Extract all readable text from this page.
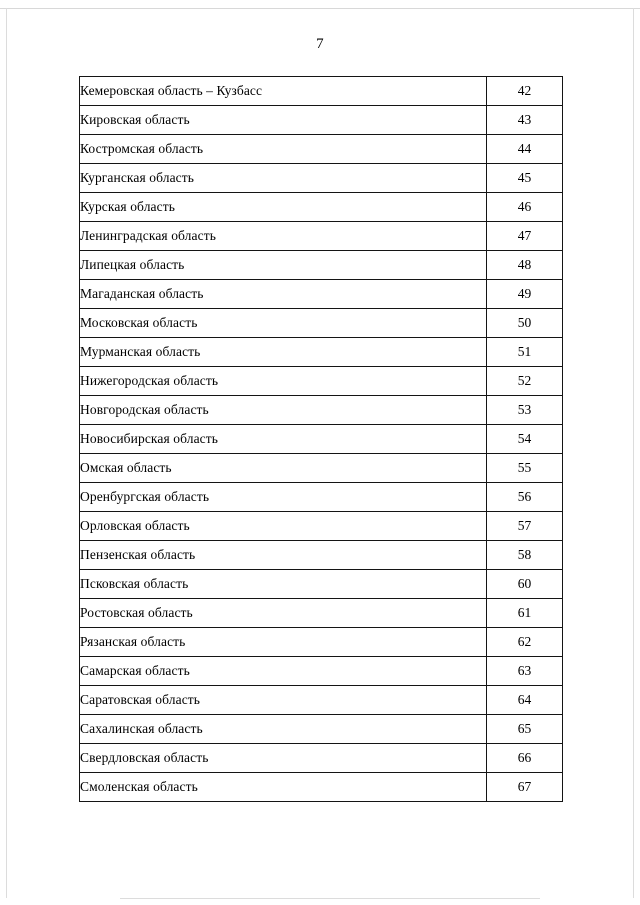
7
Кемеровская область – Кузбасс	42
Кировская область	43
Костромская область	44
Курганская область	45
Курская область	46
Ленинградская область	47
Липецкая область	48
Магаданская область	49
Московская область	50
Мурманская область	51
Нижегородская область	52
Новгородская область	53
Новосибирская область	54
Омская область	55
Оренбургская область	56
Орловская область	57
Пензенская область	58
Псковская область	60
Ростовская область	61
Рязанская область	62
Самарская область	63
Саратовская область	64
Сахалинская область	65
Свердловская область	66
Смоленская область	67
